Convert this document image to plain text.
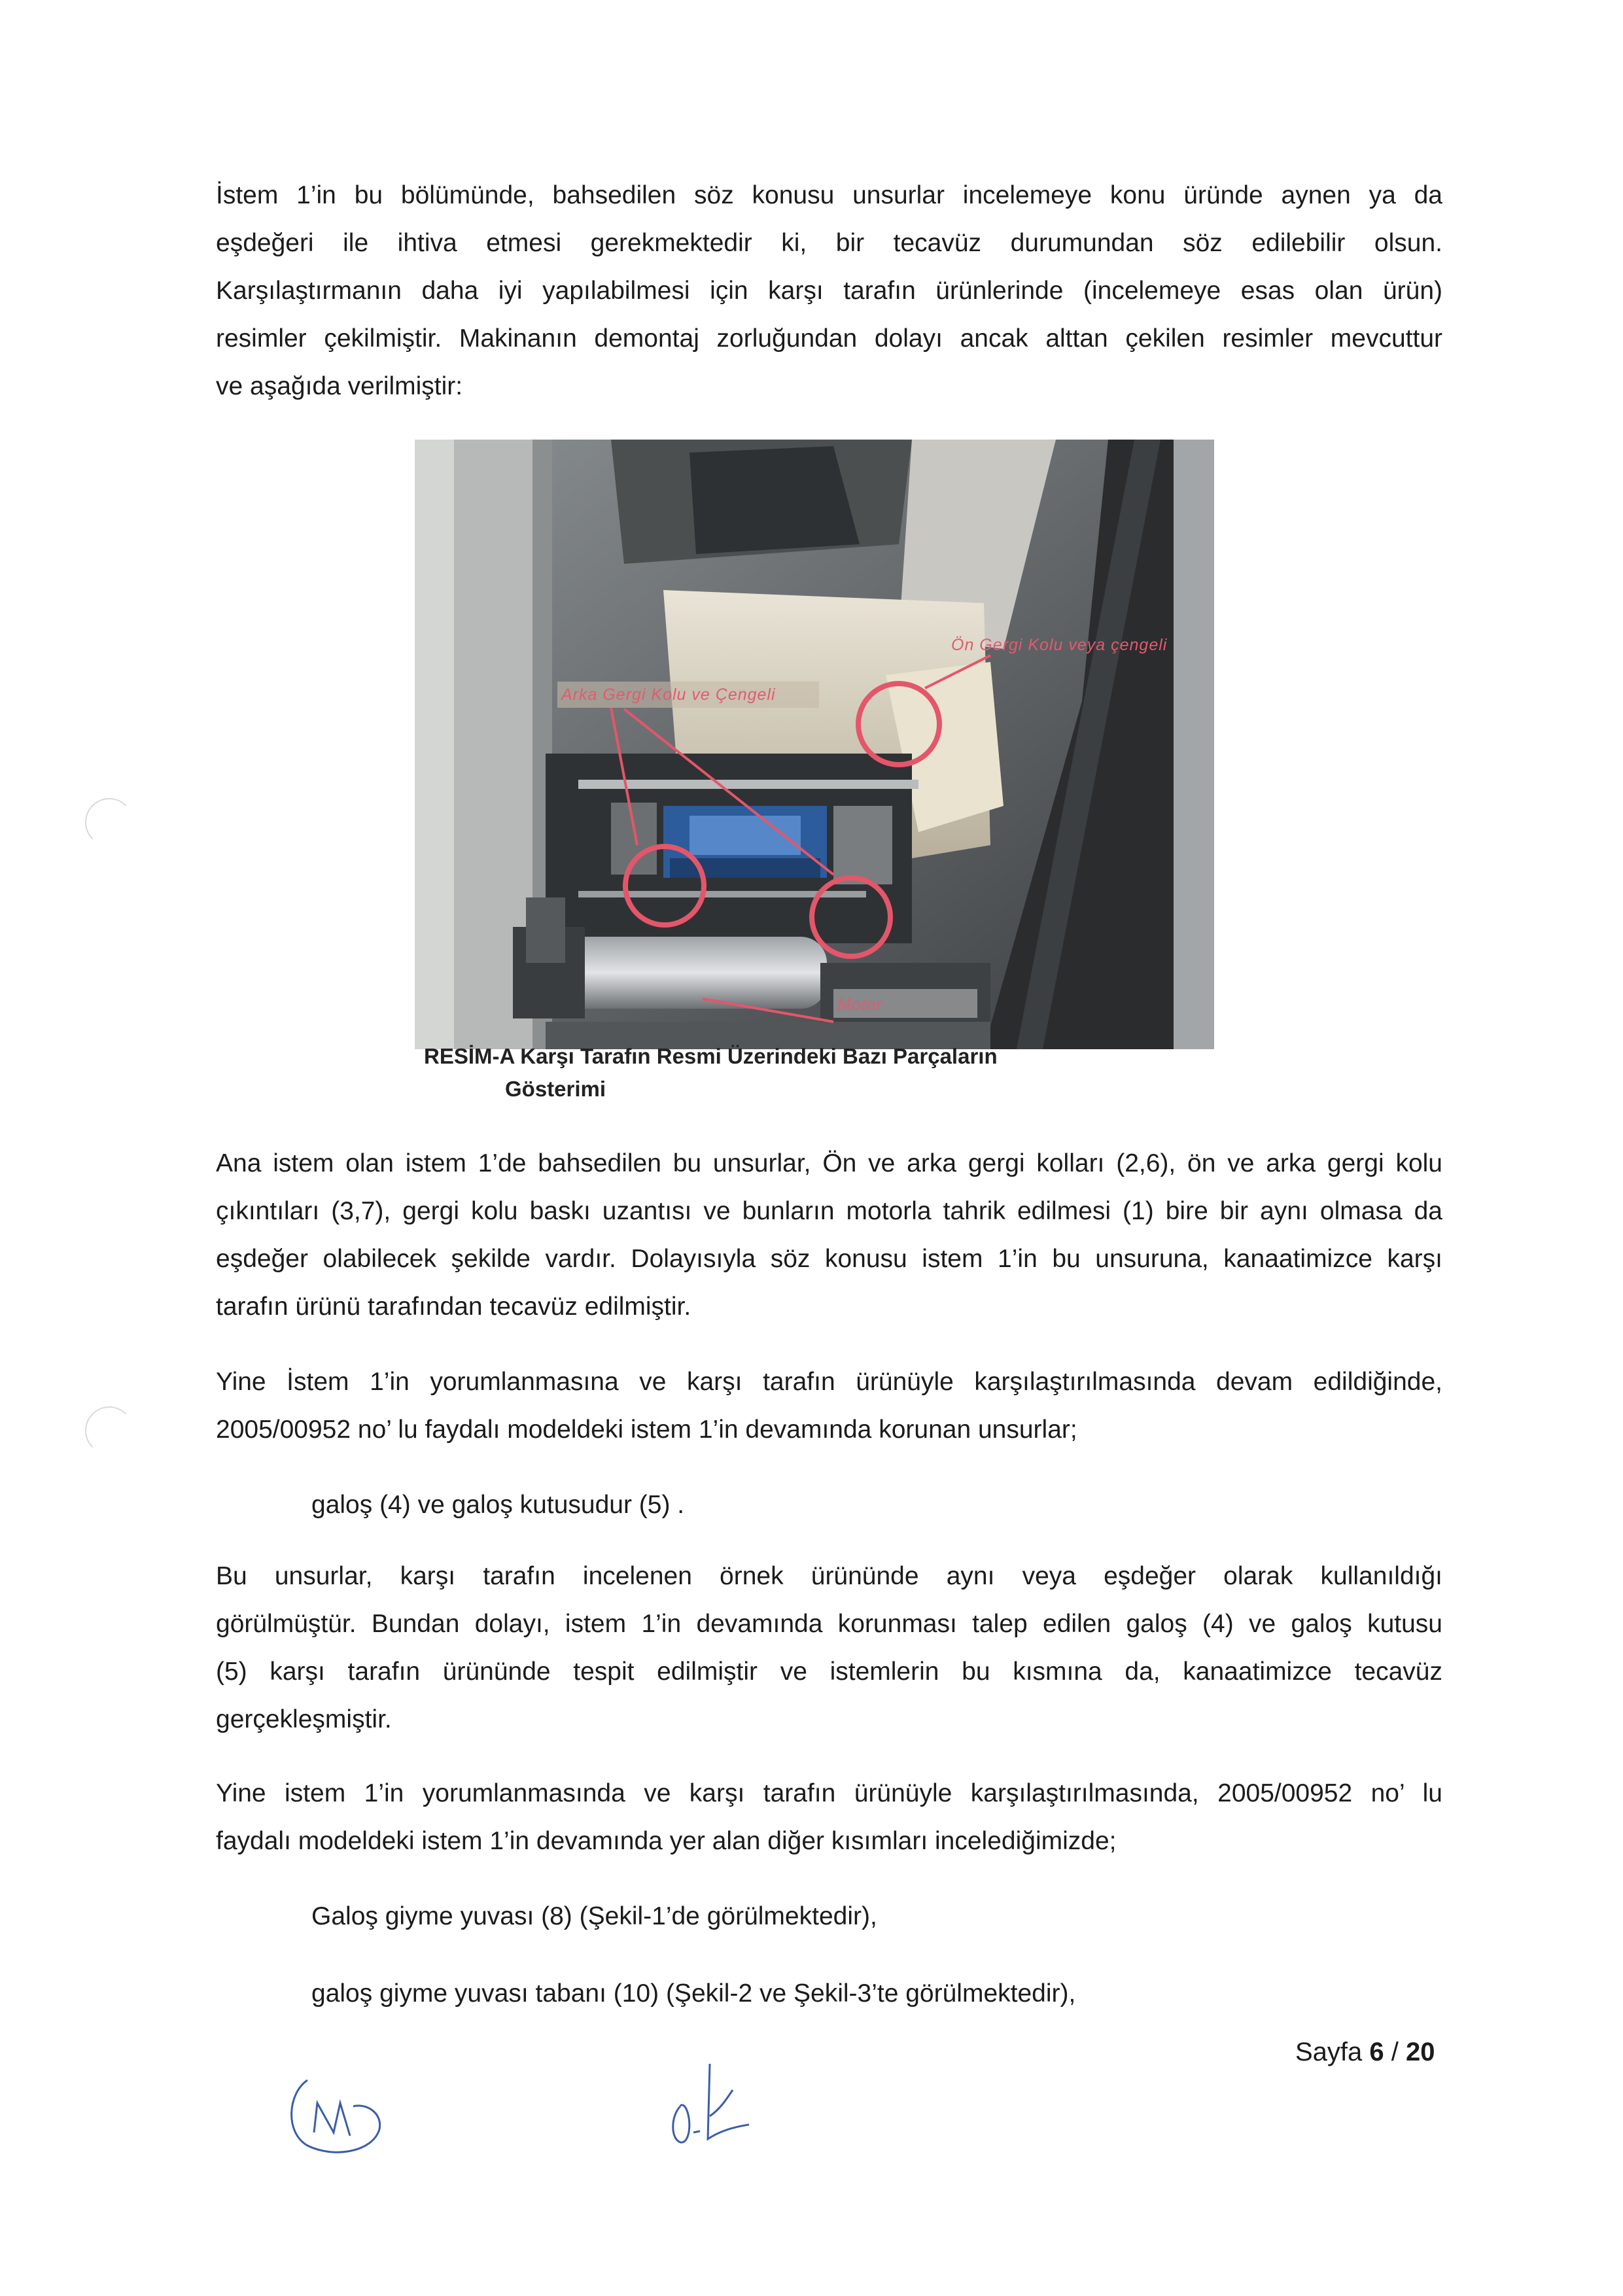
İstem 1’in bu bölümünde, bahsedilen söz konusu unsurlar incelemeye konu üründe aynen ya da
eşdeğeri ile ihtiva etmesi gerekmektedir ki, bir tecavüz durumundan söz edilebilir olsun.
Karşılaştırmanın daha iyi yapılabilmesi için karşı tarafın ürünlerinde (incelemeye esas olan ürün)
resimler çekilmiştir. Makinanın demontaj zorluğundan dolayı ancak alttan çekilen resimler mevcuttur
ve aşağıda verilmiştir:
Ön Gergi Kolu veya çengeli
Arka Gergi Kolu ve Çengeli
Motor
RESİM-A Karşı Tarafın Resmi Üzerindeki Bazı Parçaların
Gösterimi
Ana istem olan istem 1’de bahsedilen bu unsurlar, Ön ve arka gergi kolları (2,6), ön ve arka gergi kolu
çıkıntıları (3,7), gergi kolu baskı uzantısı ve bunların motorla tahrik edilmesi (1) bire bir aynı olmasa da
eşdeğer olabilecek şekilde vardır. Dolayısıyla söz konusu istem 1’in bu unsuruna, kanaatimizce karşı
tarafın ürünü tarafından tecavüz edilmiştir.
Yine İstem 1’in yorumlanmasına ve karşı tarafın ürünüyle karşılaştırılmasında devam edildiğinde,
2005/00952 no’ lu faydalı modeldeki istem 1’in devamında korunan unsurlar;
galoş (4) ve galoş kutusudur (5) .
Bu unsurlar, karşı tarafın incelenen örnek ürününde aynı veya eşdeğer olarak kullanıldığı
görülmüştür. Bundan dolayı, istem 1’in devamında korunması talep edilen galoş (4) ve galoş kutusu
(5) karşı tarafın ürününde tespit edilmiştir ve istemlerin bu kısmına da, kanaatimizce tecavüz
gerçekleşmiştir.
Yine istem 1’in yorumlanmasında ve karşı tarafın ürünüyle karşılaştırılmasında, 2005/00952 no’ lu
faydalı modeldeki istem 1’in devamında yer alan diğer kısımları incelediğimizde;
Galoş giyme yuvası (8) (Şekil-1’de görülmektedir),
galoş giyme yuvası tabanı (10) (Şekil-2 ve Şekil-3’te görülmektedir),
Sayfa 6 / 20
